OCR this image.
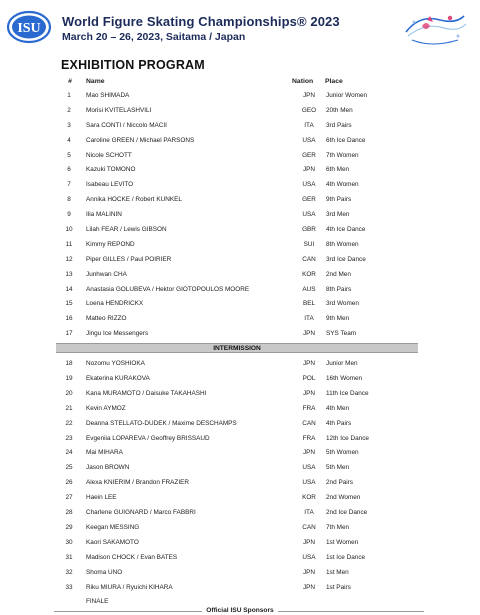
ISU World Figure Skating Championships® 2023
March 20 – 26, 2023, Saitama / Japan
EXHIBITION PROGRAM
#	Name	Nation Place
1	Mao SHIMADA	JPN	Junior Women
2	Morisi KVITELASHVILI	GEO 20th Men
3	Sara CONTI / Niccolo MACII	ITA	3rd Pairs
4	Caroline GREEN / Michael PARSONS	USA	6th Ice Dance
5	Nicole SCHOTT	GER	7th Women
6	Kazuki TOMONO	JPN	6th Men
7	Isabeau LEVITO	USA	4th Women
8	Annika HOCKE / Robert KUNKEL	GER	9th Pairs
9	Ilia MALININ	USA	3rd Men
10	Lilah FEAR / Lewis GIBSON	GBR	4th Ice Dance
11	Kimmy REPOND	SUI	8th Women
12	Piper GILLES / Paul POIRIER	CAN	3rd Ice Dance
13	Junhwan CHA	KOR	2nd Men
14	Anastasia GOLUBEVA / Hektor GIOTOPOULOS MOORE	AUS	8th Pairs
15	Loena HENDRICKX	BEL	3rd Women
16	Matteo RIZZO	ITA	9th Men
17	Jingu Ice Messengers	JPN	SYS Team
INTERMISSION
18	Nozomu YOSHIOKA	JPN	Junior Men
19	Ekaterina KURAKOVA	POL	16th Women
20	Kana MURAMOTO / Daisuke TAKAHASHI	JPN	11th Ice Dance
21	Kevin AYMOZ	FRA	4th Men
22	Deanna STELLATO-DUDEK / Maxime DESCHAMPS	CAN	4th Pairs
23	Evgeniia LOPAREVA / Geoffrey BRISSAUD	FRA	12th Ice Dance
24	Mai MIHARA	JPN	5th Women
25	Jason BROWN	USA	5th Men
26	Alexa KNIERIM / Brandon FRAZIER	USA	2nd Pairs
27	Haein LEE	KOR	2nd Women
28	Charlene GUIGNARD / Marco FABBRI	ITA	2nd Ice Dance
29	Keegan MESSING	CAN	7th Men
30	Kaori SAKAMOTO	JPN	1st Women
31	Madison CHOCK / Evan BATES	USA	1st Ice Dance
32	Shoma UNO	JPN	1st Men
33	Riku MIURA / Ryuichi KIHARA	JPN	1st Pairs
FINALE
Official ISU Sponsors
